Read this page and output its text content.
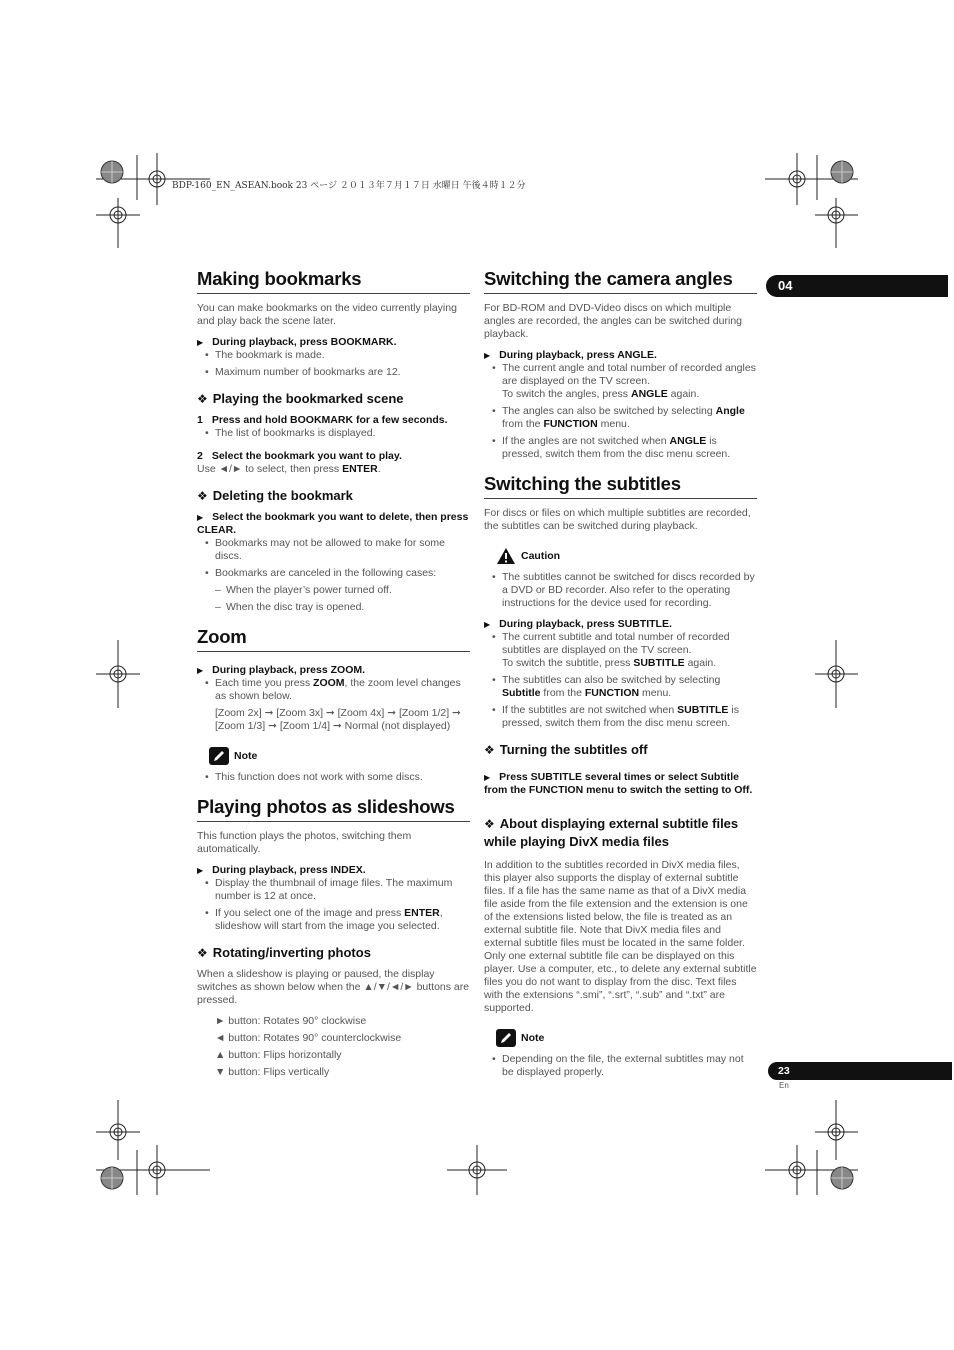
BDP-160_EN_ASEAN.book 23 ページ ２０１３年７月１７日 水曜日 午後４時１２分
04
Making bookmarks

You can make bookmarks on the video currently playing and play back the scene later.

▶ During playback, press BOOKMARK.
• The bookmark is made.
• Maximum number of bookmarks are 12.
❖ Playing the bookmarked scene
1 Press and hold BOOKMARK for a few seconds.
• The list of bookmarks is displayed.
2 Select the bookmark you want to play.

Use ◄/► to select, then press ENTER.

❖ Deleting the bookmark
▶ Select the bookmark you want to delete, then press CLEAR.
• Bookmarks may not be allowed to make for some discs.
• Bookmarks are canceled in the following cases:
– When the player’s power turned off.
– When the disc tray is opened.
Zoom
▶ During playback, press ZOOM.
• Each time you press ZOOM, the zoom level changes as shown below.
[Zoom 2x] ➞ [Zoom 3x] ➞ [Zoom 4x] ➞ [Zoom 1/2] ➞ [Zoom 1/3] ➞ [Zoom 1/4] ➞ Normal (not displayed)
Note
• This function does not work with some discs.
Playing photos as slideshows

This function plays the photos, switching them automatically.

▶ During playback, press INDEX.
• Display the thumbnail of image files. The maximum number is 12 at once.
• If you select one of the image and press ENTER, slideshow will start from the image you selected.
❖ Rotating/inverting photos

When a slideshow is playing or paused, the display switches as shown below when the ▲/▼/◄/► buttons are pressed.

► button: Rotates 90° clockwise
◄ button: Rotates 90° counterclockwise
▲ button: Flips horizontally
▼ button: Flips vertically
Switching the camera angles

For BD-ROM and DVD-Video discs on which multiple angles are recorded, the angles can be switched during playback.

▶ During playback, press ANGLE.
• The current angle and total number of recorded angles are displayed on the TV screen.
To switch the angles, press ANGLE again.
• The angles can also be switched by selecting Angle from the FUNCTION menu.
• If the angles are not switched when ANGLE is pressed, switch them from the disc menu screen.
Switching the subtitles

For discs or files on which multiple subtitles are recorded, the subtitles can be switched during playback.

Caution
• The subtitles cannot be switched for discs recorded by a DVD or BD recorder. Also refer to the operating instructions for the device used for recording.
▶ During playback, press SUBTITLE.
• The current subtitle and total number of recorded subtitles are displayed on the TV screen.
To switch the subtitle, press SUBTITLE again.
• The subtitles can also be switched by selecting Subtitle from the FUNCTION menu.
• If the subtitles are not switched when SUBTITLE is pressed, switch them from the disc menu screen.
❖ Turning the subtitles off
▶ Press SUBTITLE several times or select Subtitle from the FUNCTION menu to switch the setting to Off.
❖ About displaying external subtitle files while playing DivX media files

In addition to the subtitles recorded in DivX media files, this player also supports the display of external subtitle files. If a file has the same name as that of a DivX media file aside from the file extension and the extension is one of the extensions listed below, the file is treated as an external subtitle file. Note that DivX media files and external subtitle files must be located in the same folder. Only one external subtitle file can be displayed on this player. Use a computer, etc., to delete any external subtitle files you do not want to display from the disc. Text files with the extensions “.smi”, “.srt”, “.sub” and “.txt” are supported.

Note
• Depending on the file, the external subtitles may not be displayed properly.	23
En
